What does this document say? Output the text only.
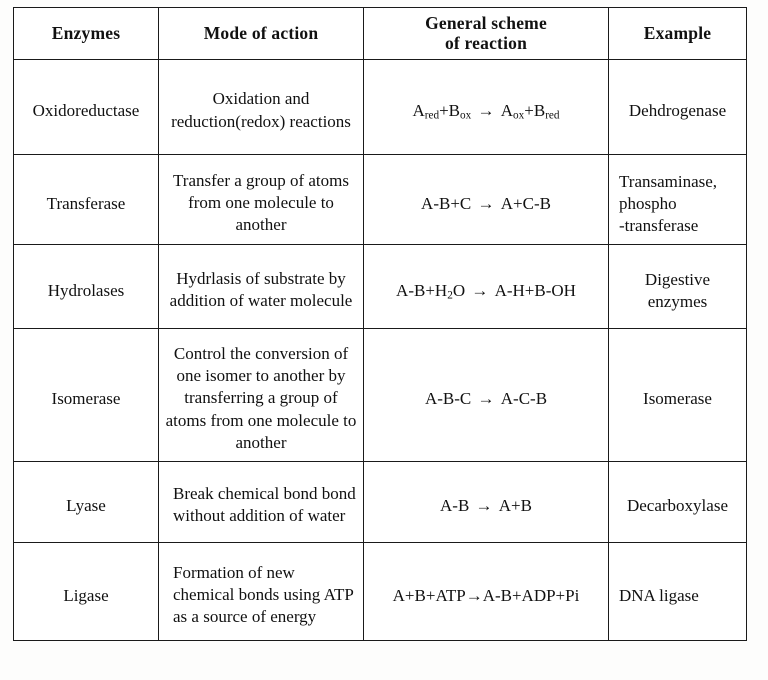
Enzymes	Mode of action	General scheme
of reaction	Example

Oxidoreductase	Oxidation and reduction(redox) reactions	$A_{red}+B_{ox} \to A_{ox}+B_{red}$	Dehdrogenase

Transferase	Transfer a group of atoms from one molecule to another	A-B+C → A+C-B	Transaminase,
phospho
-transferase

Hydrolases	Hydrlasis of substrate by addition of water molecule	$A-B+H_2O \to A-H+B-OH$	Digestive
enzymes

Isomerase	Control the conversion of one isomer to another by transferring a group of atoms from one molecule to another	A-B-C → A-C-B	Isomerase

Lyase	Break chemical bond bond without addition of water	A-B → A+B	Decarboxylase

Ligase	Formation of new chemical bonds using ATP as a source of energy	A+B+ATP→A-B+ADP+Pi	DNA ligase
